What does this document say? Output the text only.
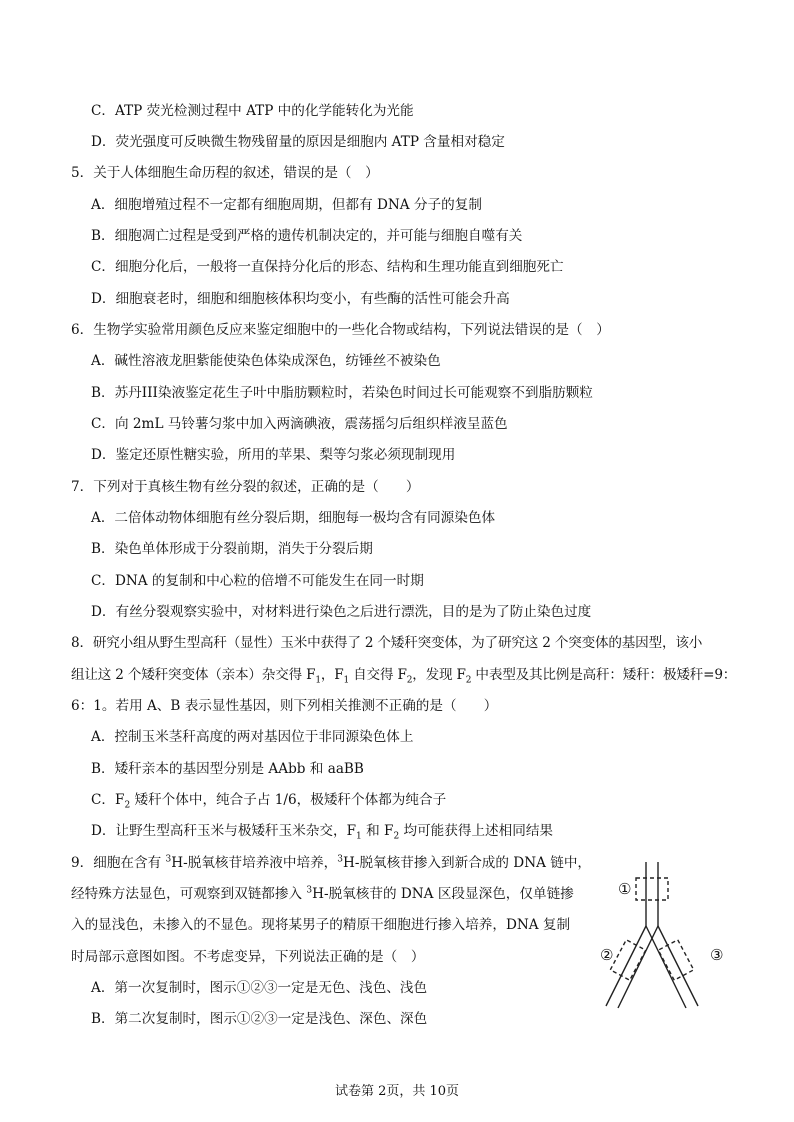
C．ATP 荧光检测过程中 ATP 中的化学能转化为光能
D．荧光强度可反映微生物残留量的原因是细胞内 ATP 含量相对稳定
5．关于人体细胞生命历程的叙述，错误的是（　）
A．细胞增殖过程不一定都有细胞周期，但都有 DNA 分子的复制
B．细胞凋亡过程是受到严格的遗传机制决定的，并可能与细胞自噬有关
C．细胞分化后，一般将一直保持分化后的形态、结构和生理功能直到细胞死亡
D．细胞衰老时，细胞和细胞核体积均变小，有些酶的活性可能会升高
6．生物学实验常用颜色反应来鉴定细胞中的一些化合物或结构，下列说法错误的是（　）
A．碱性溶液龙胆紫能使染色体染成深色，纺锤丝不被染色
B．苏丹III染液鉴定花生子叶中脂肪颗粒时，若染色时间过长可能观察不到脂肪颗粒
C．向 2mL 马铃薯匀浆中加入两滴碘液，震荡摇匀后组织样液呈蓝色
D．鉴定还原性糖实验，所用的苹果、梨等匀浆必须现制现用
7．下列对于真核生物有丝分裂的叙述，正确的是（　　）
A．二倍体动物体细胞有丝分裂后期，细胞每一极均含有同源染色体
B．染色单体形成于分裂前期，消失于分裂后期
C．DNA 的复制和中心粒的倍增不可能发生在同一时期
D．有丝分裂观察实验中，对材料进行染色之后进行漂洗，目的是为了防止染色过度
8．研究小组从野生型高秆（显性）玉米中获得了 2 个矮秆突变体，为了研究这 2 个突变体的基因型，该小
组让这 2 个矮秆突变体（亲本）杂交得 $F_1$，$F_1$ 自交得 $F_2$，发现 $F_2$ 中表型及其比例是高秆：矮秆：极矮秆=9：
6：1。若用 A、B 表示显性基因，则下列相关推测不正确的是（　　）
A．控制玉米茎秆高度的两对基因位于非同源染色体上
B．矮秆亲本的基因型分别是 AAbb 和 aaBB
C．$F_2$ 矮秆个体中，纯合子占 1/6，极矮秆个体都为纯合子
D．让野生型高秆玉米与极矮秆玉米杂交，$F_1$ 和 $F_2$ 均可能获得上述相同结果
9．细胞在含有 $^3$H-脱氧核苷培养液中培养，$^3$H-脱氧核苷掺入到新合成的 DNA 链中，
经特殊方法显色，可观察到双链都掺入 $^3$H-脱氧核苷的 DNA 区段显深色，仅单链掺
入的显浅色，未掺入的不显色。现将某男子的精原干细胞进行掺入培养，DNA 复制
时局部示意图如图。不考虑变异，下列说法正确的是（　）
A．第一次复制时，图示①②③一定是无色、浅色、浅色
B．第二次复制时，图示①②③一定是浅色、深色、深色
①
②	③
试卷第 2页，共 10页
